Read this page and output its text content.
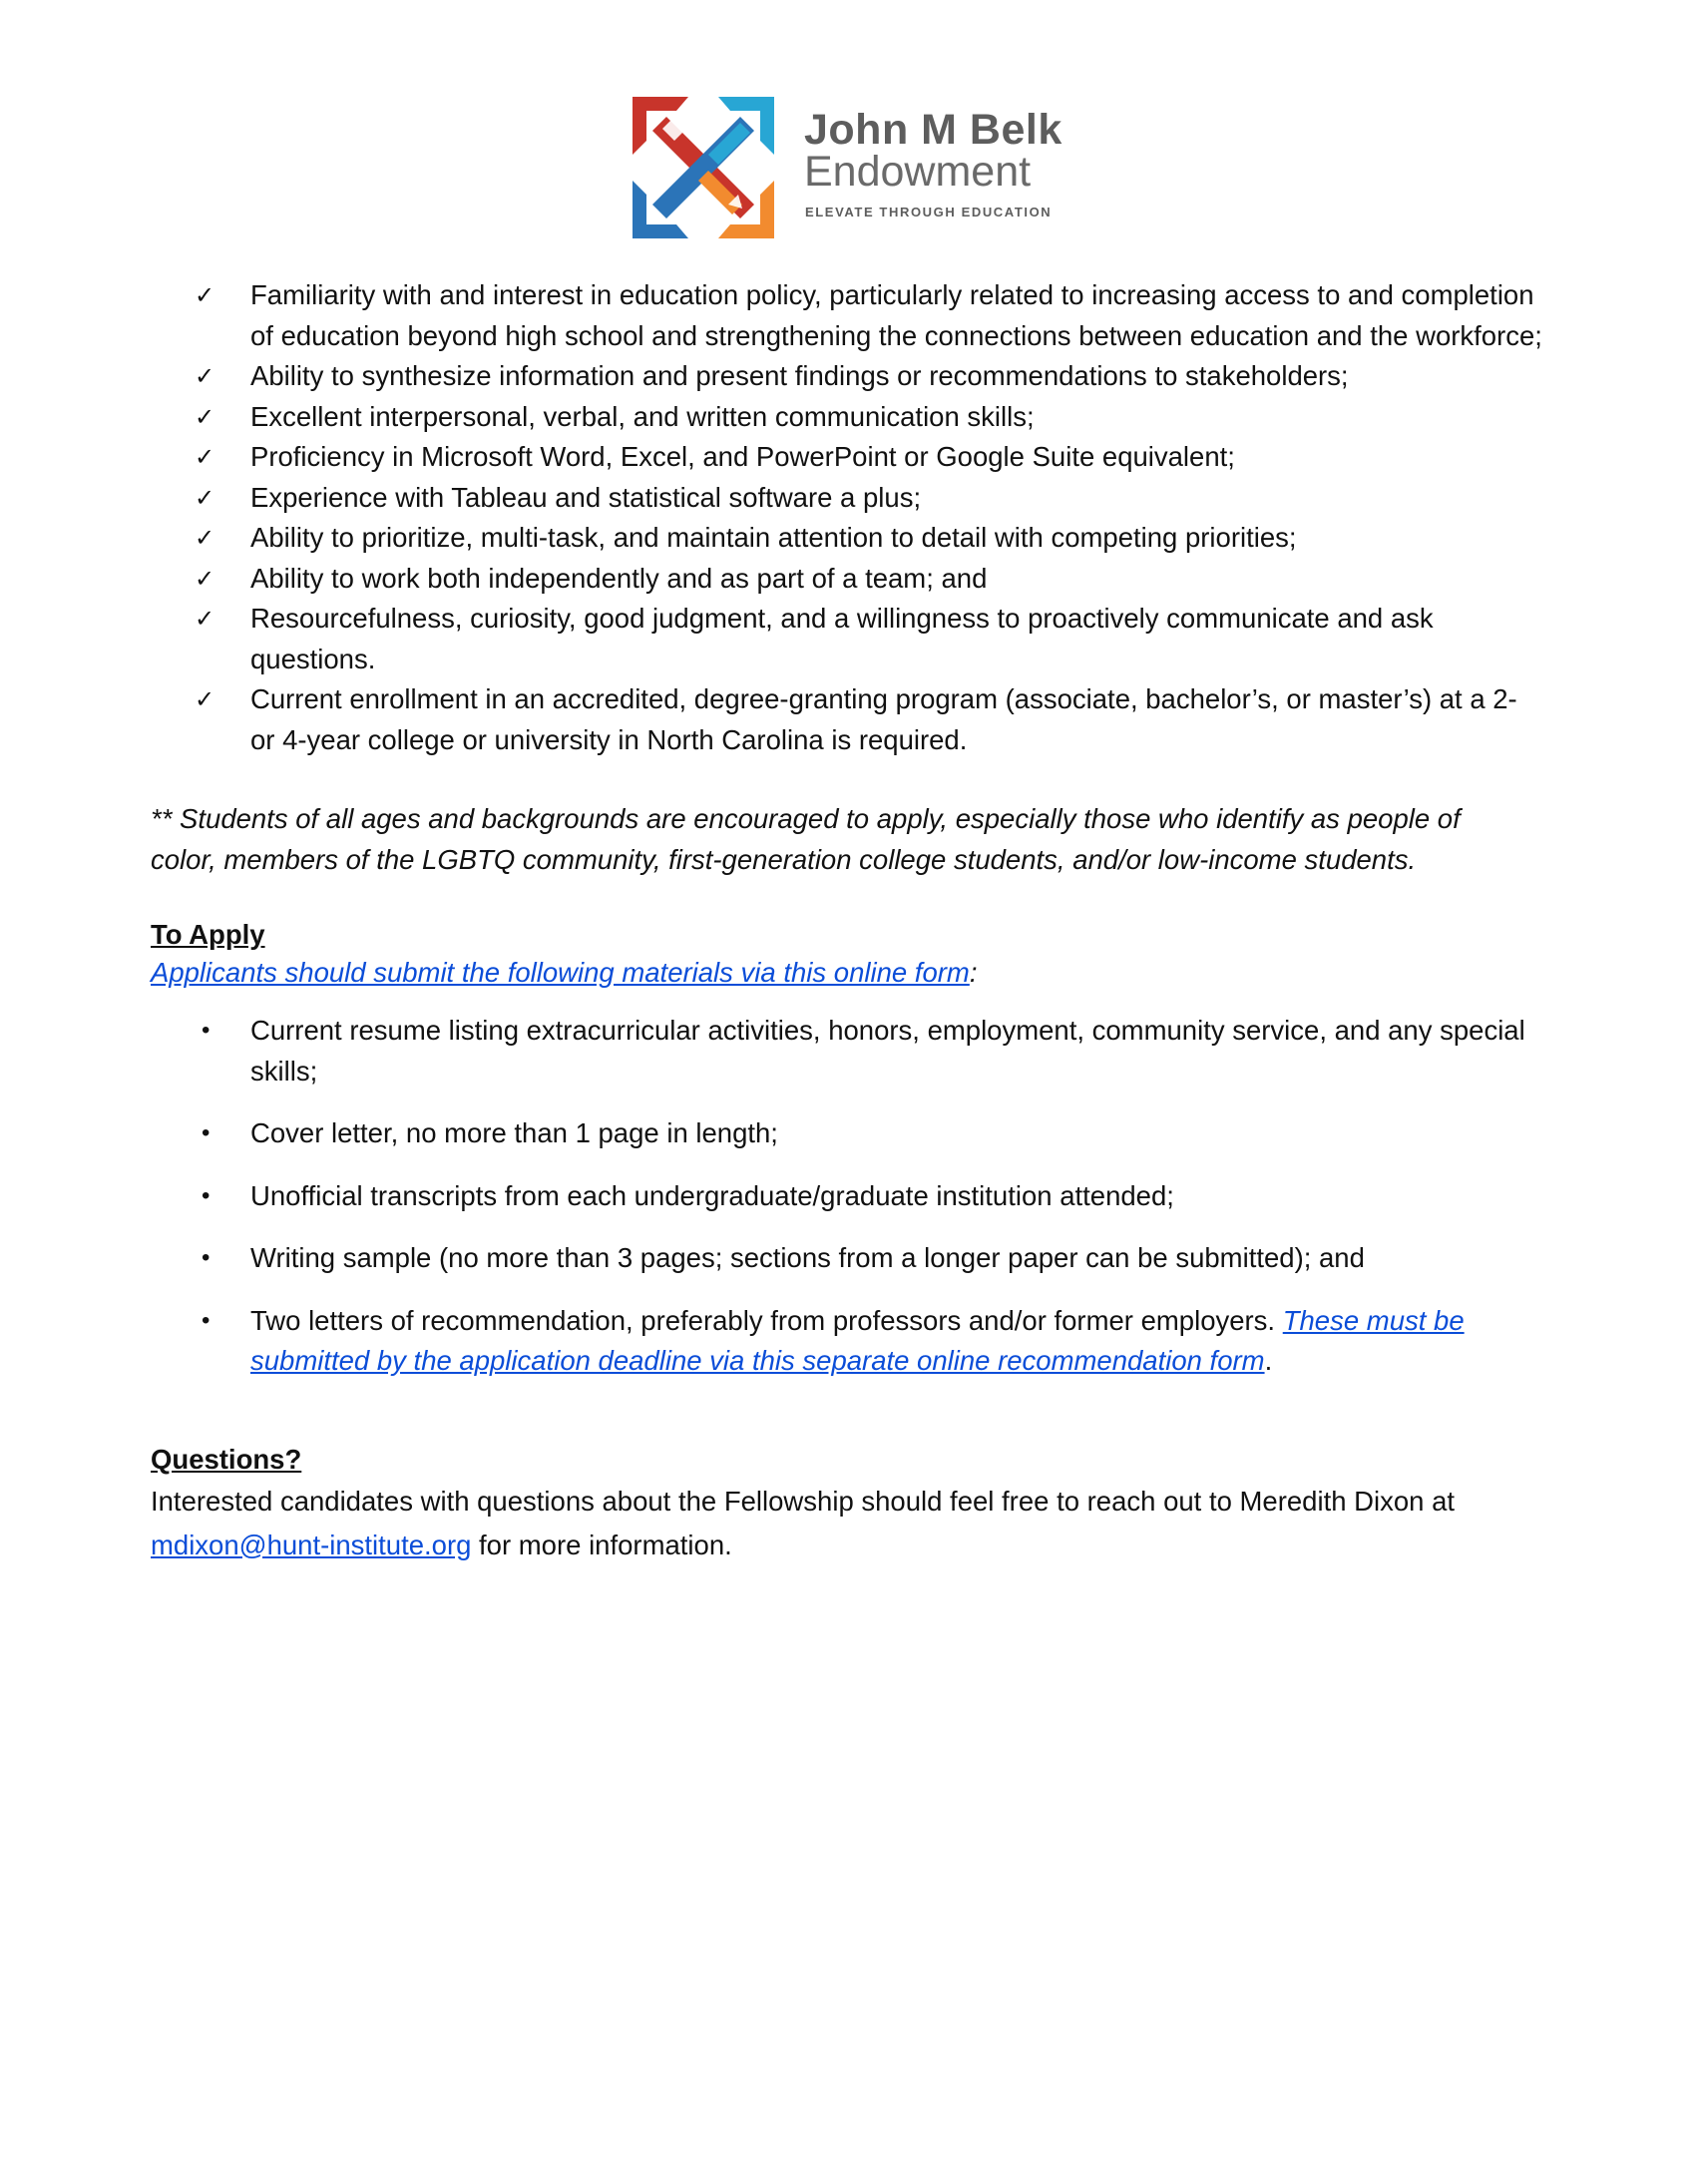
John M Belk
Endowment
ELEVATE THROUGH EDUCATION
✓ Familiarity with and interest in education policy, particularly related to increasing access to and completion of education beyond high school and strengthening the connections between education and the workforce;
✓ Ability to synthesize information and present findings or recommendations to stakeholders;
✓ Excellent interpersonal, verbal, and written communication skills;
✓ Proficiency in Microsoft Word, Excel, and PowerPoint or Google Suite equivalent;
✓ Experience with Tableau and statistical software a plus;
✓ Ability to prioritize, multi-task, and maintain attention to detail with competing priorities;
✓ Ability to work both independently and as part of a team; and
✓ Resourcefulness, curiosity, good judgment, and a willingness to proactively communicate and ask questions.
✓ Current enrollment in an accredited, degree-granting program (associate, bachelor’s, or master’s) at a 2- or 4-year college or university in North Carolina is required.
** Students of all ages and backgrounds are encouraged to apply, especially those who identify as people of color, members of the LGBTQ community, first-generation college students, and/or low-income students.
To Apply
Applicants should submit the following materials via this online form:
• Current resume listing extracurricular activities, honors, employment, community service, and any special skills;
• Cover letter, no more than 1 page in length;
• Unofficial transcripts from each undergraduate/graduate institution attended;
• Writing sample (no more than 3 pages; sections from a longer paper can be submitted); and
• Two letters of recommendation, preferably from professors and/or former employers. These must be submitted by the application deadline via this separate online recommendation form.
Questions?
Interested candidates with questions about the Fellowship should feel free to reach out to Meredith Dixon at mdixon@hunt-institute.org for more information.
